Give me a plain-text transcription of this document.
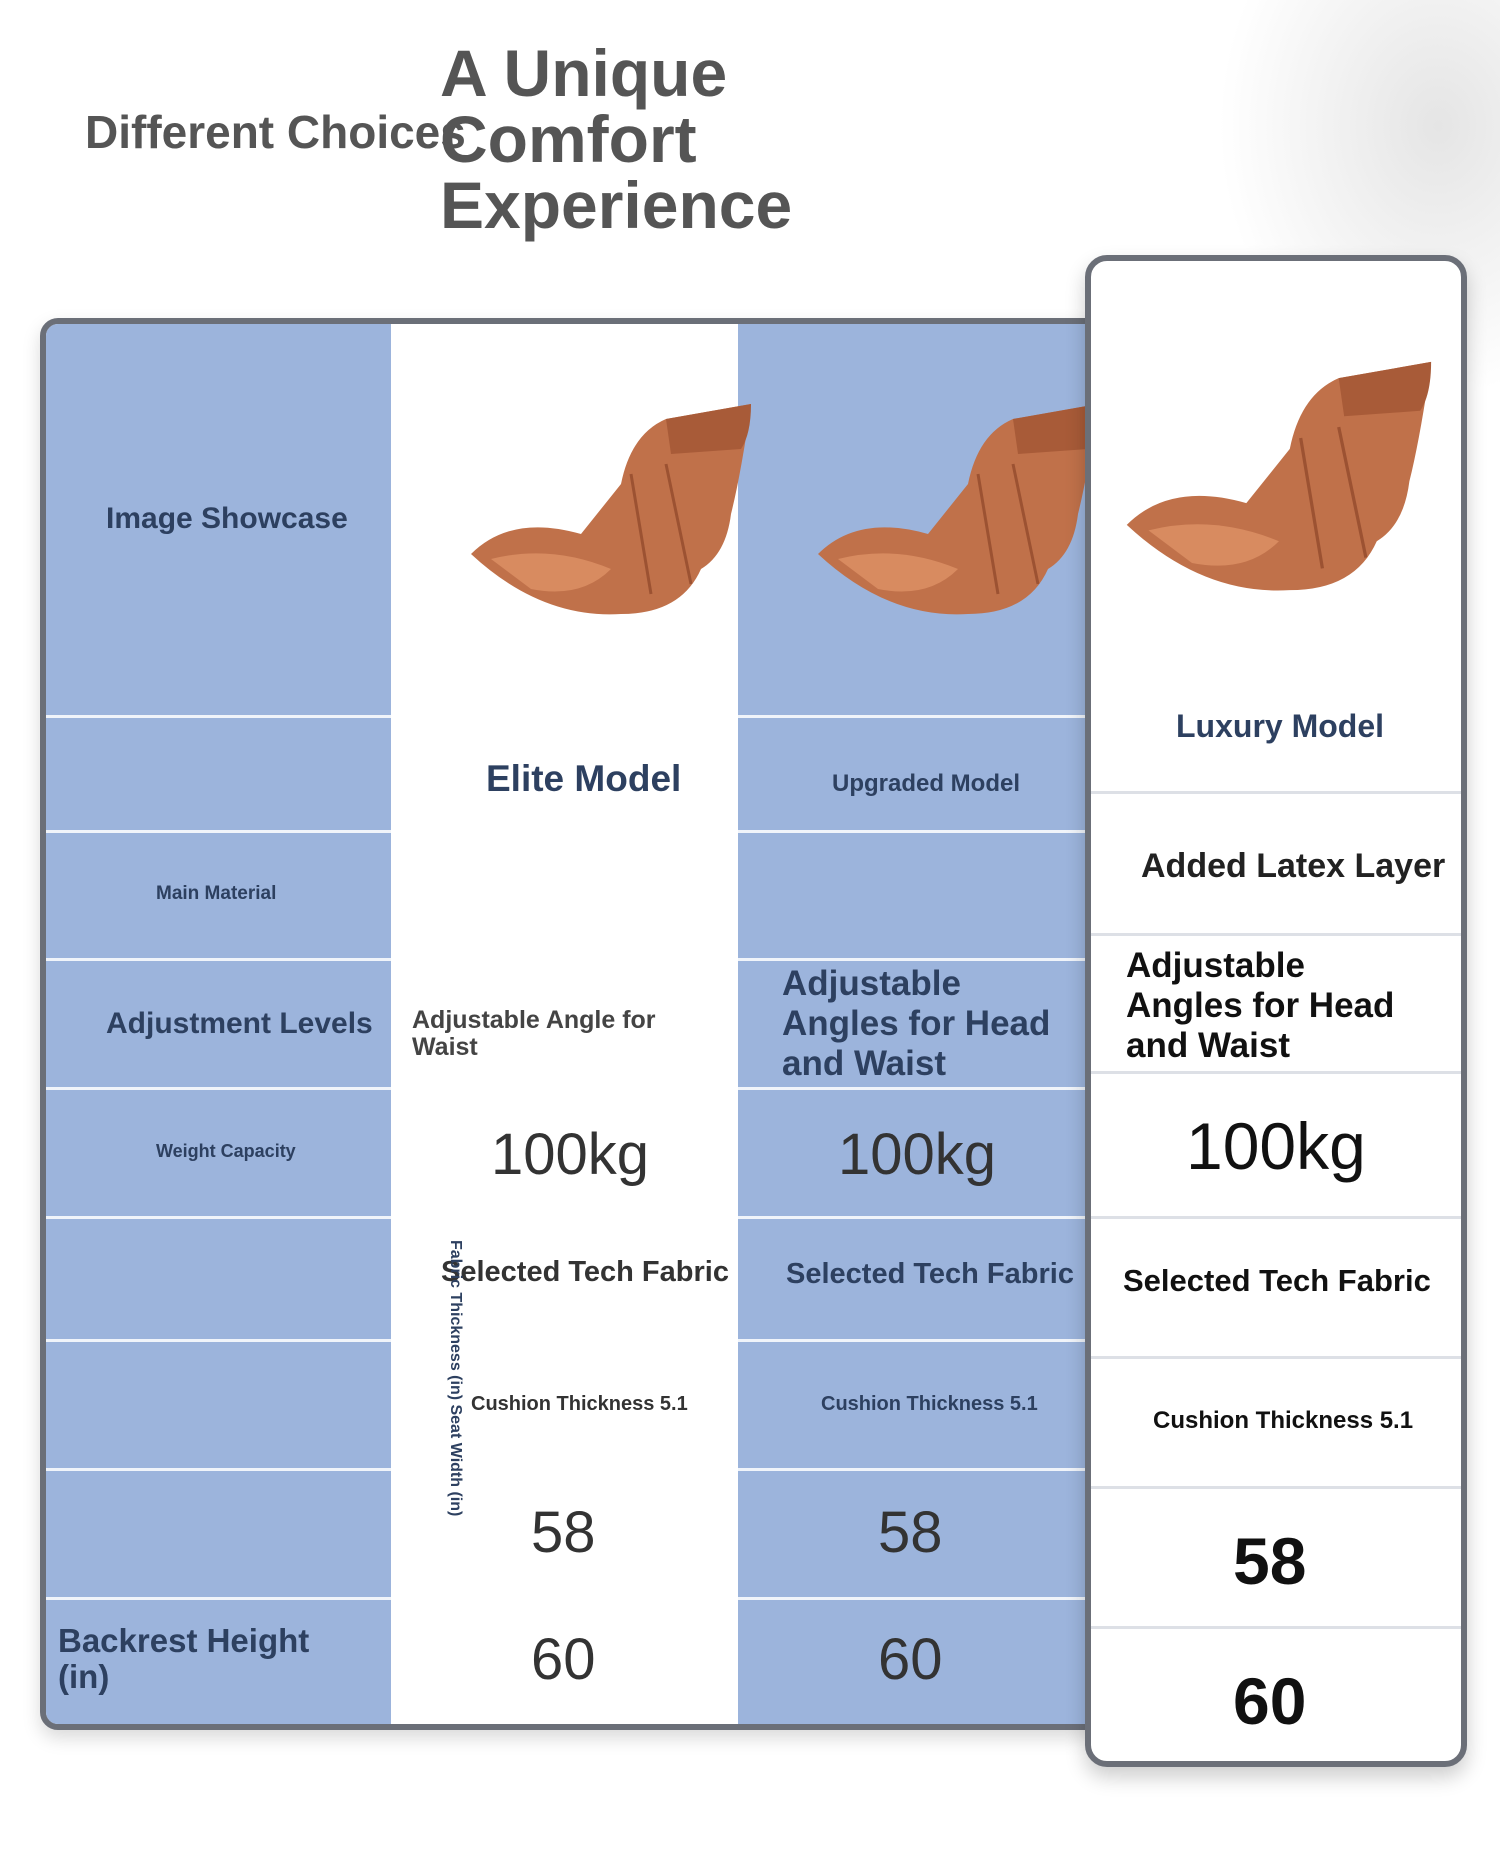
Different Choices
A Unique Comfort Experience
Image Showcase
Main Material
Adjustment Levels
Weight Capacity
Backrest Height (in)
Elite Model
Adjustable Angle for Waist
100kg
Selected Tech Fabric
Cushion Thickness 5.1
58
60
Upgraded Model
Adjustable Angles for Head and Waist
100kg
Selected Tech Fabric
Cushion Thickness 5.1
58
60
Fabric Thickness (in) Seat Width (in)
Luxury Model
Added Latex Layer
Adjustable Angles for Head and Waist
100kg
Selected Tech Fabric
Cushion Thickness 5.1
58
60
